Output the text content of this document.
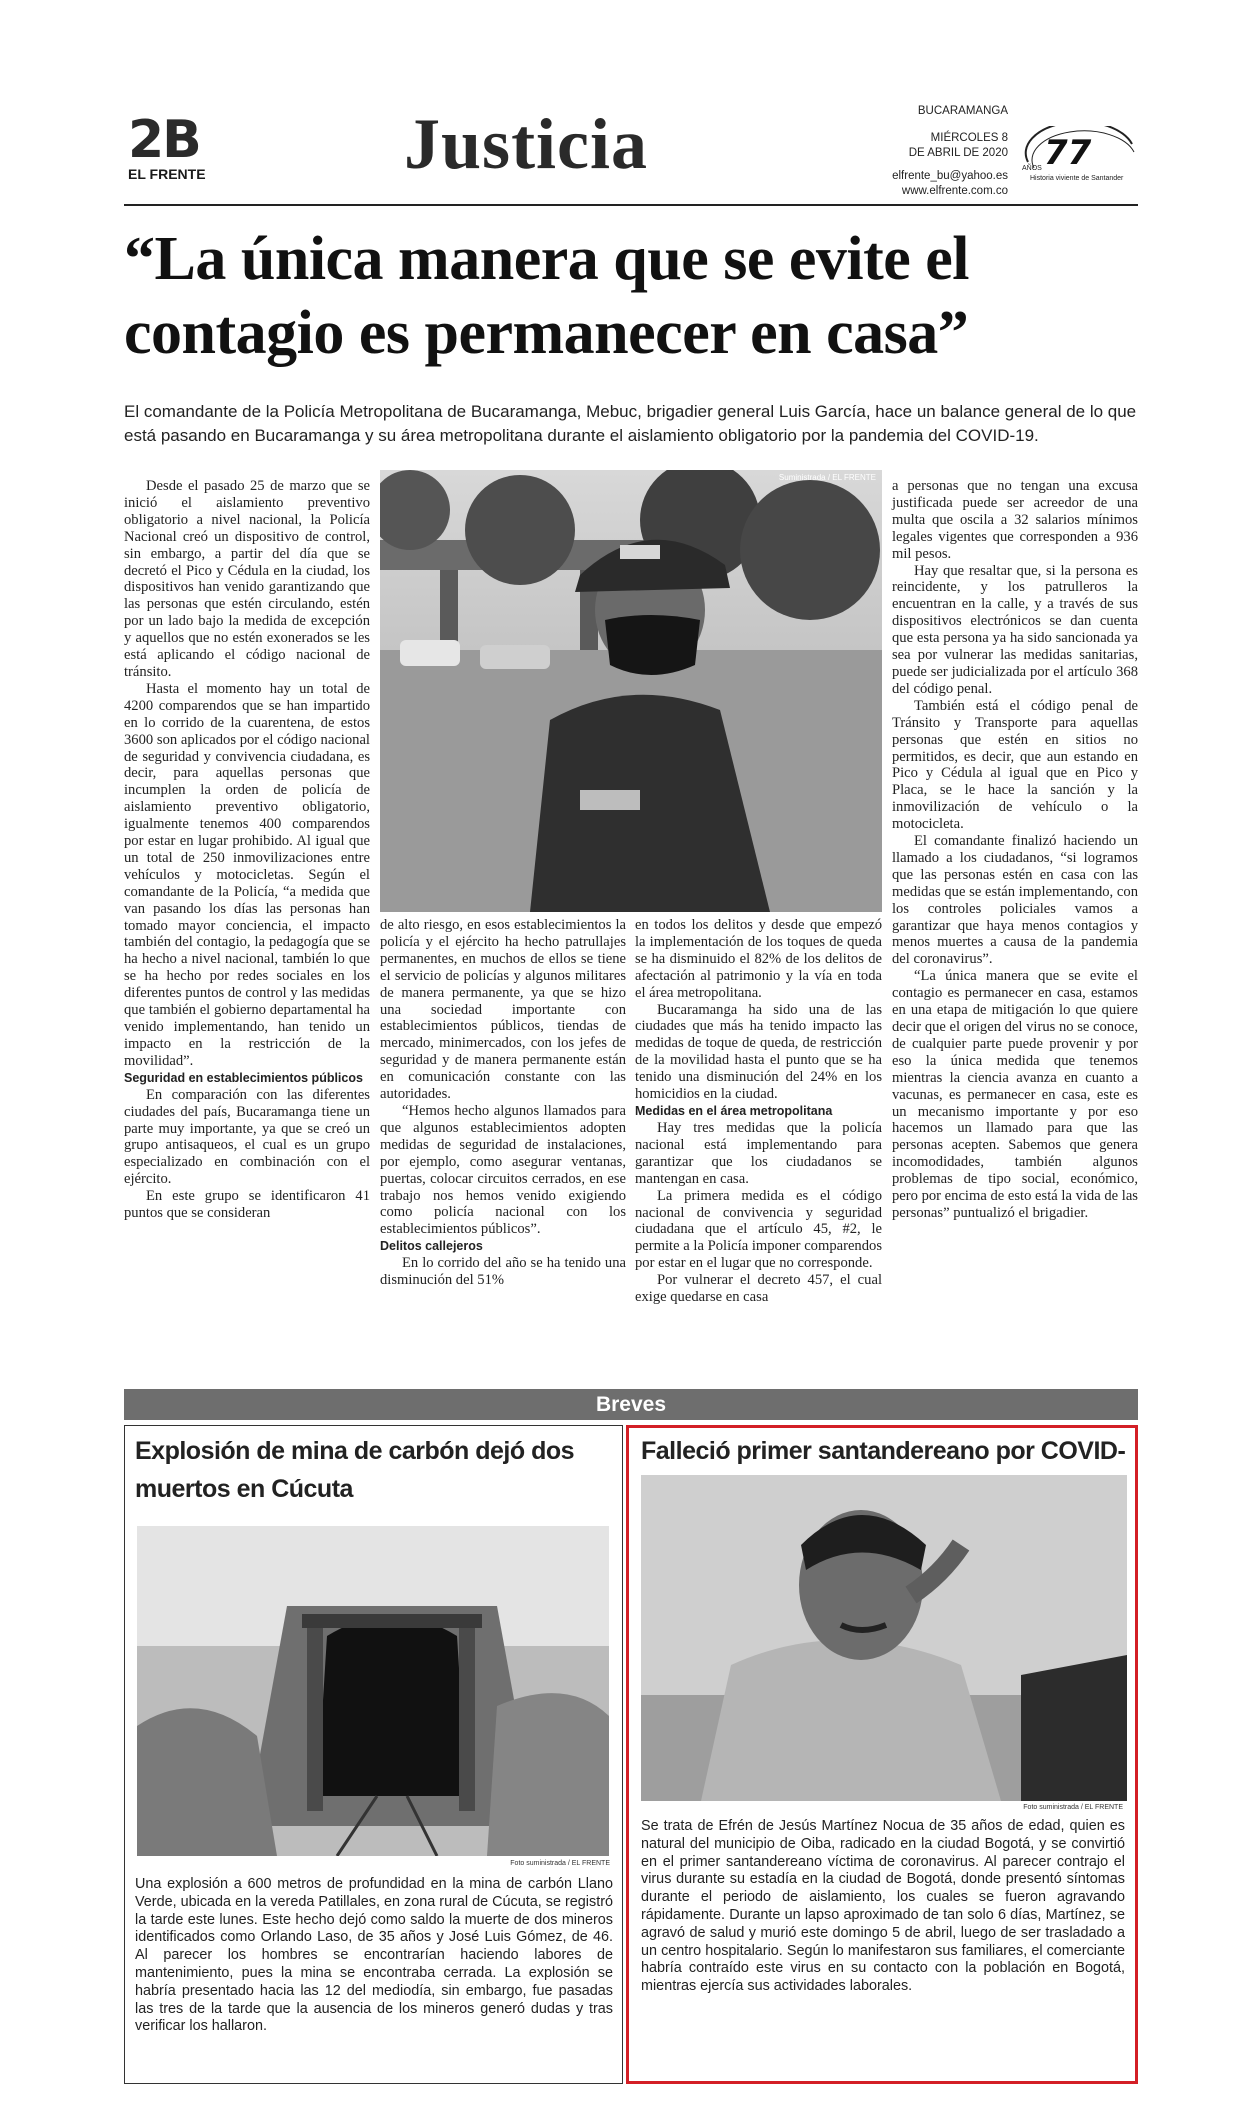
2B
EL FRENTE	Justicia	BUCARAMANGA
MIÉRCOLES 8
DE ABRIL DE 2020
elfrente_bu@yahoo.es
www.elfrente.com.co
77
AÑOS
Historia viviente de Santander
“La única manera que se evite el contagio es permanecer en casa”
El comandante de la Policía Metropolitana de Bucaramanga, Mebuc, brigadier general Luis García, hace un balance general de lo que está pasando en Bucaramanga y su área metropolitana durante el aislamiento obligatorio por la pandemia del COVID-19.

Desde el pasado 25 de marzo que se inició el aislamiento preventivo obligatorio a nivel nacional, la Policía Nacional creó un dispositivo de control, sin embargo, a partir del día que se decretó el Pico y Cédula en la ciudad, los dispositivos han venido garantizando que las personas que estén circulando, estén por un lado bajo la medida de excepción y aquellos que no estén exonerados se les está aplicando el código nacional de tránsito.

Hasta el momento hay un total de 4200 comparendos que se han impartido en lo corrido de la cuarentena, de estos 3600 son aplicados por el código nacional de seguridad y convivencia ciudadana, es decir, para aquellas personas que incumplen la orden de policía de aislamiento preventivo obligatorio, igualmente tenemos 400 comparendos por estar en lugar prohibido. Al igual que un total de 250 inmovilizaciones entre vehículos y motocicletas. Según el comandante de la Policía, “a medida que van pasando los días las personas han tomado mayor conciencia, el impacto también del contagio, la pedagogía que se ha hecho a nivel nacional, también lo que se ha hecho por redes sociales en los diferentes puntos de control y las medidas que también el gobierno departamental ha venido implementando, han tenido un impacto en la restricción de la movilidad”.

Seguridad en establecimientos públicos

En comparación con las diferentes ciudades del país, Bucaramanga tiene un parte muy importante, ya que se creó un grupo antisaqueos, el cual es un grupo especializado en combinación con el ejército.

En este grupo se identificaron 41 puntos que se consideran

Suministrada / EL FRENTE

de alto riesgo, en esos establecimientos la policía y el ejército ha hecho patrullajes permanentes, en muchos de ellos se tiene el servicio de policías y algunos militares de manera permanente, ya que se hizo una sociedad importante con establecimientos públicos, tiendas de mercado, minimercados, con los jefes de seguridad y de manera permanente están en comunicación constante con las autoridades.

“Hemos hecho algunos llamados para que algunos establecimientos adopten medidas de seguridad de instalaciones, por ejemplo, como asegurar ventanas, puertas, colocar circuitos cerrados, en ese trabajo nos hemos venido exigiendo como policía nacional con los establecimientos públicos”.

Delitos callejeros

En lo corrido del año se ha tenido una disminución del 51%

en todos los delitos y desde que empezó la implementación de los toques de queda se ha disminuido el 82% de los delitos de afectación al patrimonio y la vía en toda el área metropolitana.

Bucaramanga ha sido una de las ciudades que más ha tenido impacto las medidas de toque de queda, de restricción de la movilidad hasta el punto que se ha tenido una disminución del 24% en los homicidios en la ciudad.

Medidas en el área metropolitana

Hay tres medidas que la policía nacional está implementando para garantizar que los ciudadanos se mantengan en casa.

La primera medida es el código nacional de convivencia y seguridad ciudadana que el artículo 45, #2, le permite a la Policía imponer comparendos por estar en el lugar que no corresponde.

Por vulnerar el decreto 457, el cual exige quedarse en casa

a personas que no tengan una excusa justificada puede ser acreedor de una multa que oscila a 32 salarios mínimos legales vigentes que corresponden a 936 mil pesos.

Hay que resaltar que, si la persona es reincidente, y los patrulleros la encuentran en la calle, y a través de sus dispositivos electrónicos se dan cuenta que esta persona ya ha sido sancionada ya sea por vulnerar las medidas sanitarias, puede ser judicializada por el artículo 368 del código penal.

También está el código penal de Tránsito y Transporte para aquellas personas que estén en sitios no permitidos, es decir, que aun estando en Pico y Cédula al igual que en Pico y Placa, se le hace la sanción y la inmovilización de vehículo o la motocicleta.

El comandante finalizó haciendo un llamado a los ciudadanos, “si logramos que las personas estén en casa con las medidas que se están implementando, con los controles policiales vamos a garantizar que haya menos contagios y menos muertes a causa de la pandemia del coronavirus”.

“La única manera que se evite el contagio es permanecer en casa, estamos en una etapa de mitigación lo que quiere decir que el origen del virus no se conoce, de cualquier parte puede provenir y por eso la única medida que tenemos mientras la ciencia avanza en cuanto a vacunas, es permanecer en casa, este es un mecanismo importante y por eso hacemos un llamado para que las personas acepten. Sabemos que genera incomodidades, también algunos problemas de tipo social, económico, pero por encima de esto está la vida de las personas” puntualizó el brigadier.

Breves
Explosión de mina de carbón dejó dos muertos en Cúcuta
Foto suministrada / EL FRENTE
Una explosión a 600 metros de profundidad en la mina de carbón Llano Verde, ubicada en la vereda Patillales, en zona rural de Cúcuta, se registró la tarde este lunes. Este hecho dejó como saldo la muerte de dos mineros identificados como Orlando Laso, de 35 años y José Luis Gómez, de 46. Al parecer los hombres se encontrarían haciendo labores de mantenimiento, pues la mina se encontraba cerrada. La explosión se habría presentado hacia las 12 del mediodía, sin embargo, fue pasadas las tres de la tarde que la ausencia de los mineros generó dudas y tras verificar los hallaron.
Falleció primer santandereano por COVID-
Foto suministrada / EL FRENTE
Se trata de Efrén de Jesús Martínez Nocua de 35 años de edad, quien es natural del municipio de Oiba, radicado en la ciudad Bogotá, y se convirtió en el primer santandereano víctima de coronavirus. Al parecer contrajo el virus durante su estadía en la ciudad de Bogotá, donde presentó síntomas durante el periodo de aislamiento, los cuales se fueron agravando rápidamente. Durante un lapso aproximado de tan solo 6 días, Martínez, se agravó de salud y murió este domingo 5 de abril, luego de ser trasladado a un centro hospitalario. Según lo manifestaron sus familiares, el comerciante habría contraído este virus en su contacto con la población en Bogotá, mientras ejercía sus actividades laborales.
